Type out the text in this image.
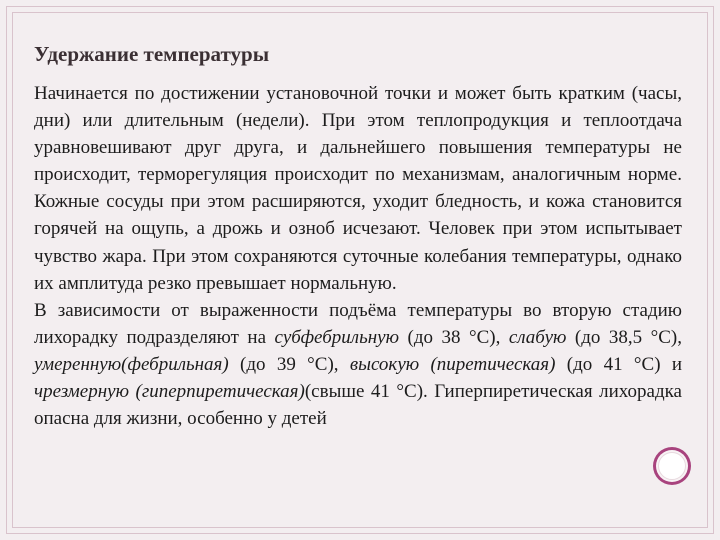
Удержание температуры

Начинается по достижении установочной точки и может быть кратким (часы, дни) или длительным (недели). При этом теплопродукция и теплоотдача уравновешивают друг друга, и дальнейшего повышения температуры не происходит, терморегуляция происходит по механизмам, аналогичным норме. Кожные сосуды при этом расширяются, уходит бледность, и кожа становится горячей на ощупь, а дрожь и озноб исчезают. Человек при этом испытывает чувство жара. При этом сохраняются суточные колебания температуры, однако их амплитуда резко превышает нормальную.

В зависимости от выраженности подъёма температуры во вторую стадию лихорадку подразделяют на субфебрильную (до 38 °С), слабую (до 38,5 °С), умеренную(фебрильная) (до 39 °С), высокую (пиретическая) (до 41 °С) и чрезмерную (гиперпиретическая)(свыше 41 °С). Гиперпиретическая лихорадка опасна для жизни, особенно у детей
